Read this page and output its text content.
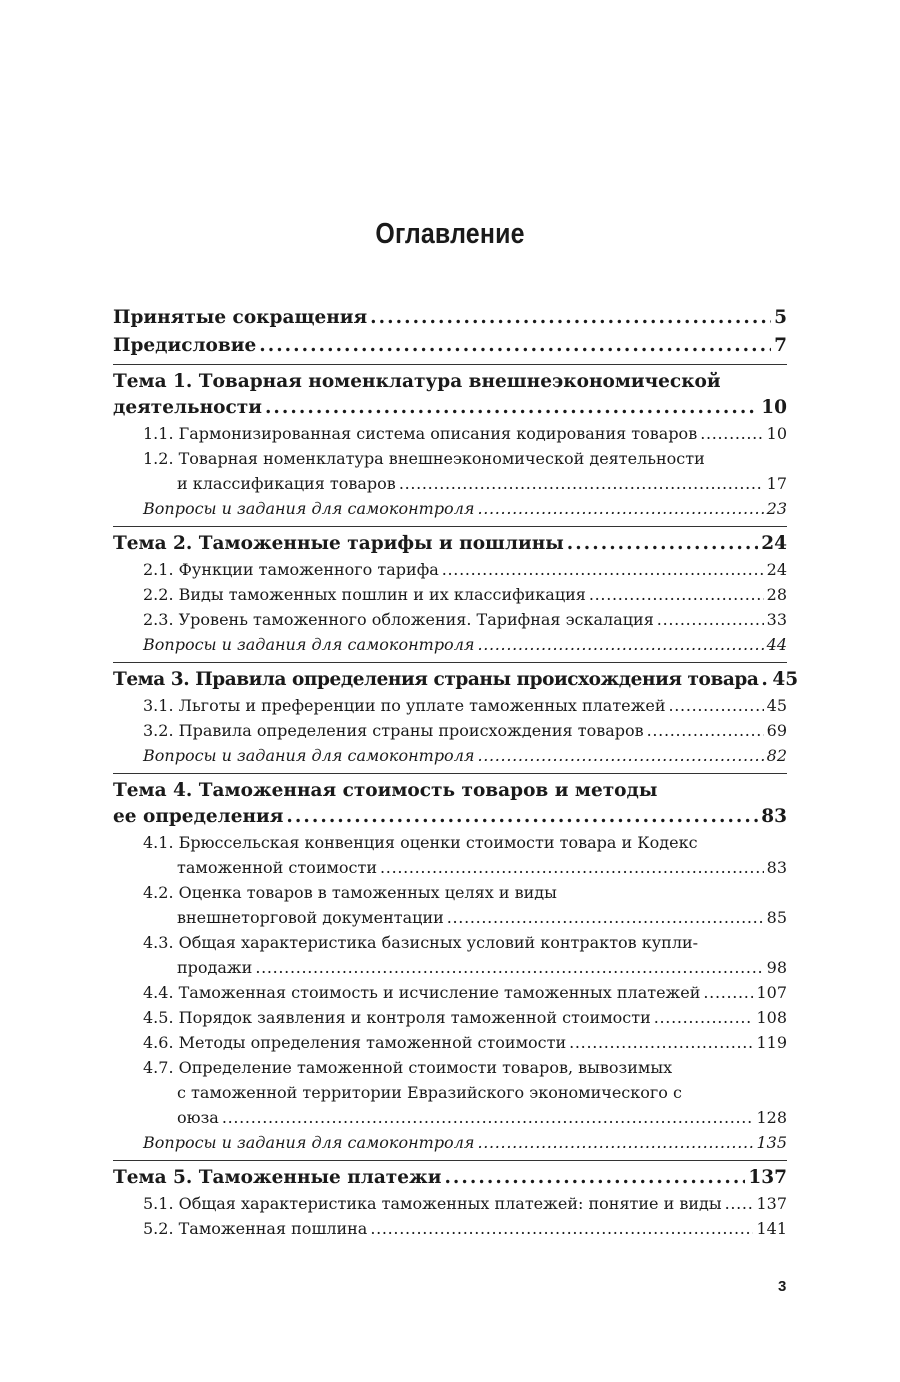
Оглавление
Принятые сокращения . . .	5
Предисловие . . .	7
Тема 1. Товарная номенклатура внешнеэкономической
деятельности . . .	10
1.1. Гармонизированная система описания кодирования товаров . . .	10
1.2. Товарная номенклатура внешнеэкономической деятельности
и классификация товаров . . .	17
Вопросы и задания для самоконтроля . . .	23
Тема 2. Таможенные тарифы и пошлины . . .	24
2.1. Функции таможенного тарифа . . .	24
2.2. Виды таможенных пошлин и их классификация . . .	28
2.3. Уровень таможенного обложения. Тарифная эскалация . . .	33
Вопросы и задания для самоконтроля . . .	44
Тема 3. Правила определения страны происхождения товара . . . 45
3.1. Льготы и преференции по уплате таможенных платежей . . .	45
3.2. Правила определения страны происхождения товаров . . .	69
Вопросы и задания для самоконтроля . . .	82
Тема 4. Таможенная стоимость товаров и методы
ее определения . . .	83
4.1. Брюссельская конвенция оценки стоимости товара и Кодекс
таможенной стоимости . . .	83
4.2. Оценка товаров в таможенных целях и виды
внешнеторговой документации . . .	85
4.3. Общая характеристика базисных условий контрактов купли-
продажи . . .	98
4.4. Таможенная стоимость и исчисление таможенных платежей . . .	107
4.5. Порядок заявления и контроля таможенной стоимости . . .	108
4.6. Методы определения таможенной стоимости . . .	119
4.7. Определение таможенной стоимости товаров, вывозимых
с таможенной территории Евразийского экономического с
оюза . . .	128
Вопросы и задания для самоконтроля . . .	135
Тема 5. Таможенные платежи . . .	137
5.1. Общая характеристика таможенных платежей: понятие и виды . . . 137
5.2. Таможенная пошлина . . .	141
3
